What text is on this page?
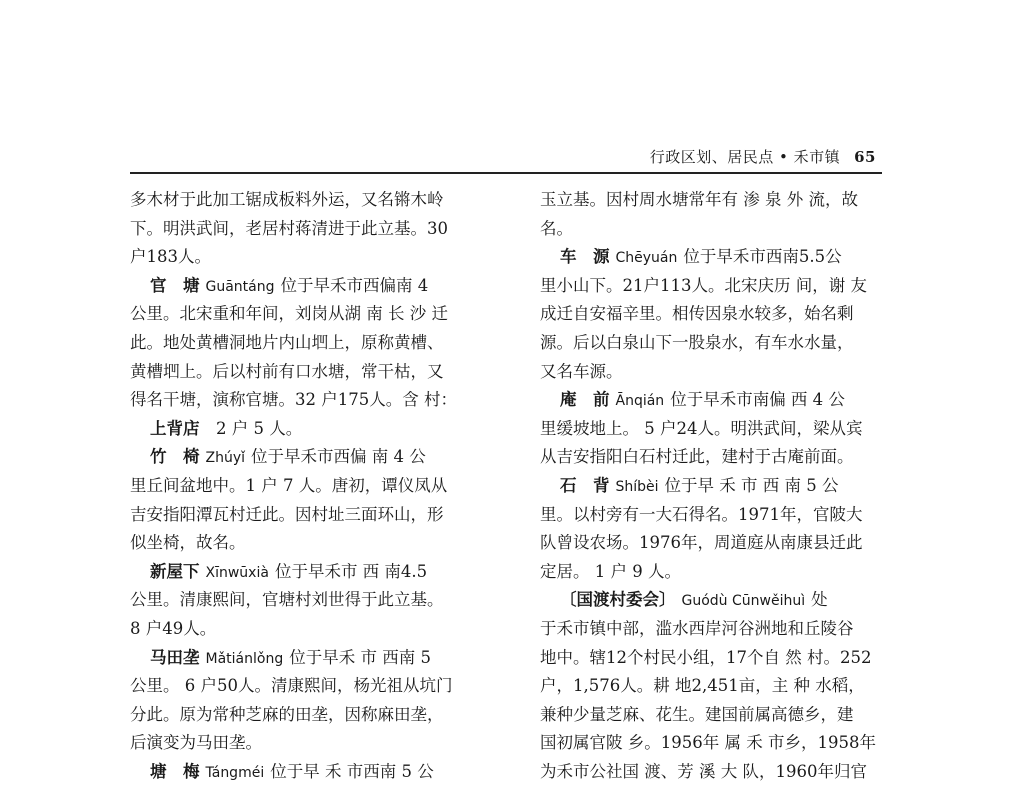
行政区划、居民点 • 禾市镇 65
多木材于此加工锯成板料外运，又名锵木岭
下。明洪武间，老居村蒋清进于此立基。30
户183人。
官　塘 Guāntáng 位于早禾市西偏南 4
公里。北宋重和年间，刘岗从湖 南 长 沙 迁
此。地处黄槽洞地片内山垇上，原称黄槽、
黄槽垇上。后以村前有口水塘，常干枯，又
得名干塘，演称官塘。32 户175人。含 村：
上背店　 2 户 5 人。
竹　椅 Zhúyǐ 位于早禾市西偏 南 4 公
里丘间盆地中。1 户 7 人。唐初，谭仪凤从
吉安指阳潭瓦村迁此。因村址三面环山，形
似坐椅，故名。
新屋下 Xīnwūxià 位于早禾市 西 南4.5
公里。清康熙间，官塘村刘世得于此立基。
8 户49人。
马田垄 Mǎtiánlǒng 位于早禾 市 西南 5
公里。 6 户50人。清康熙间，杨光祖从坑门
分此。原为常种芝麻的田垄，因称麻田垄，
后演变为马田垄。
塘　梅 Tángméi 位于早 禾 市西南 5 公
玉立基。因村周水塘常年有 渗 泉 外 流，故
名。
车　源 Chēyuán 位于早禾市西南5.5公
里小山下。21户113人。北宋庆历 间，谢 友
成迁自安福辛里。相传因泉水较多，始名剩
源。后以白泉山下一股泉水，有车水水量，
又名车源。
庵　前 Ānqián 位于早禾市南偏 西 4 公
里缓坡地上。 5 户24人。明洪武间，梁从宾
从吉安指阳白石村迁此，建村于古庵前面。
石　背 Shíbèi 位于早 禾 市 西 南 5 公
里。以村旁有一大石得名。1971年，官陂大
队曾设农场。1976年，周道庭从南康县迁此
定居。 1 户 9 人。
〔国渡村委会〕 Guódù Cūnwěihuì 处
于禾市镇中部，滥水西岸河谷洲地和丘陵谷
地中。辖12个村民小组，17个自 然 村。252
户，1,576人。耕 地2,451亩，主 种 水稻，
兼种少量芝麻、花生。建国前属高德乡，建
国初属官陂 乡。1956年 属 禾 市乡，1958年
为禾市公社国 渡、芳 溪 大 队，1960年归官
